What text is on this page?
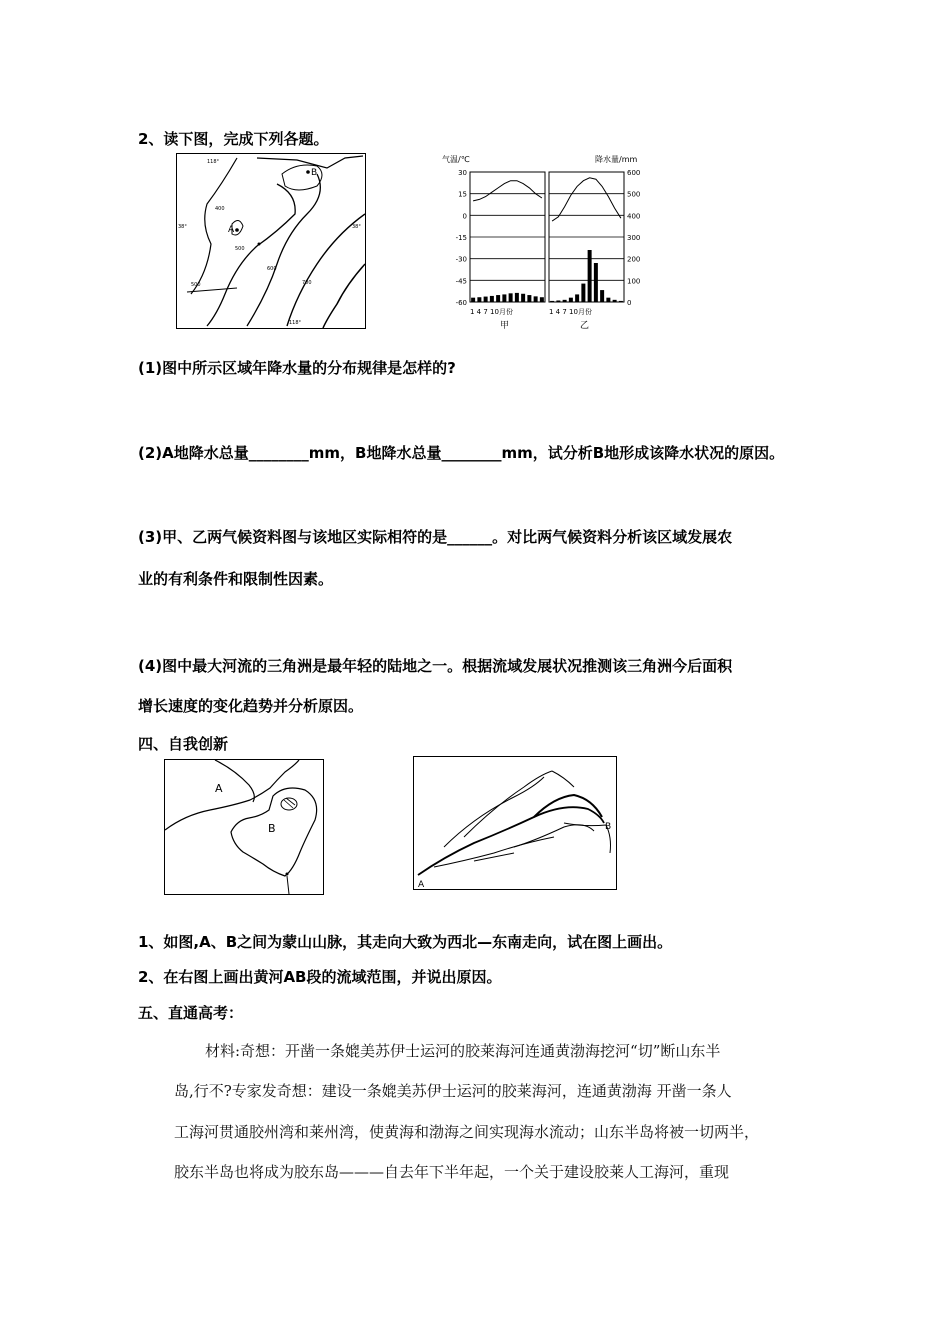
2、读下图，完成下列各题。
B
A
118°
38°	38°
118°
400
500
600
700
500
气温/℃	降水量/mm
30
15
0
-15
-30
-45
-60
600
500
400
300
200
100
0
1 4 7 10月份	1 4 7 10月份
甲	乙
(1)图中所示区域年降水量的分布规律是怎样的?
(2)A地降水总量________mm，B地降水总量________mm，试分析B地形成该降水状况的原因。
(3)甲、乙两气候资料图与该地区实际相符的是______。对比两气候资料分析该区域发展农
业的有利条件和限制性因素。
(4)图中最大河流的三角洲是最年轻的陆地之一。根据流域发展状况推测该三角洲今后面积
增长速度的变化趋势并分析原因。
四、自我创新
A
B
A
B
1、如图,A、B之间为蒙山山脉，其走向大致为西北—东南走向，试在图上画出。
2、在右图上画出黄河AB段的流域范围，并说出原因。
五、直通高考：
材料:奇想：开凿一条媲美苏伊士运河的胶莱海河连通黄渤海挖河“切”断山东半
岛,行不?专家发奇想：建设一条媲美苏伊士运河的胶莱海河，连通黄渤海 开凿一条人
工海河贯通胶州湾和莱州湾，使黄海和渤海之间实现海水流动；山东半岛将被一切两半，
胶东半岛也将成为胶东岛———自去年下半年起，一个关于建设胶莱人工海河，重现
